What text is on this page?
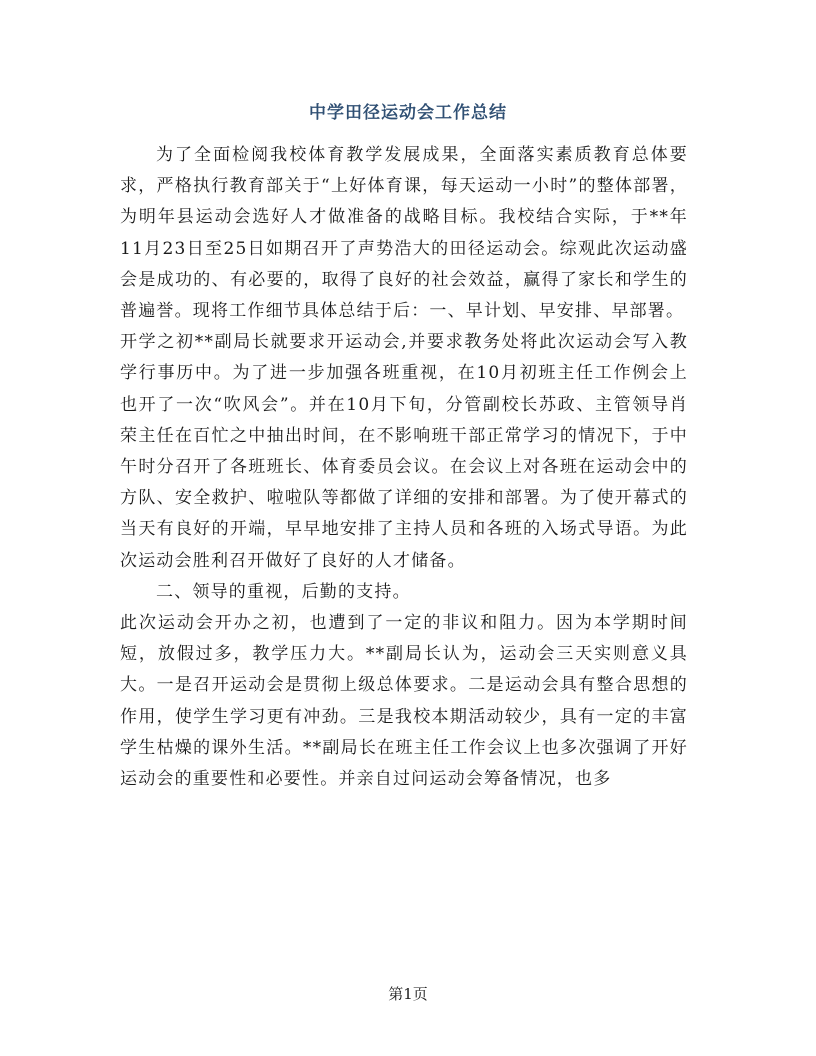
中学田径运动会工作总结

为了全面检阅我校体育教学发展成果，全面落实素质教育总体要求，严格执行教育部关于“上好体育课，每天运动一小时”的整体部署，为明年县运动会选好人才做准备的战略目标。我校结合实际，于**年11月23日至25日如期召开了声势浩大的田径运动会。综观此次运动盛会是成功的、有必要的，取得了良好的社会效益，赢得了家长和学生的普遍誉。现将工作细节具体总结于后：一、早计划、早安排、早部署。

开学之初**副局长就要求开运动会,并要求教务处将此次运动会写入教学行事历中。为了进一步加强各班重视，在10月初班主任工作例会上也开了一次“吹风会”。并在10月下旬，分管副校长苏政、主管领导肖荣主任在百忙之中抽出时间，在不影响班干部正常学习的情况下，于中午时分召开了各班班长、体育委员会议。在会议上对各班在运动会中的方队、安全救护、啦啦队等都做了详细的安排和部署。为了使开幕式的当天有良好的开端，早早地安排了主持人员和各班的入场式导语。为此次运动会胜利召开做好了良好的人才储备。

二、领导的重视，后勤的支持。

此次运动会开办之初，也遭到了一定的非议和阻力。因为本学期时间短，放假过多，教学压力大。**副局长认为，运动会三天实则意义具大。一是召开运动会是贯彻上级总体要求。二是运动会具有整合思想的作用，使学生学习更有冲劲。三是我校本期活动较少，具有一定的丰富学生枯燥的课外生活。**副局长在班主任工作会议上也多次强调了开好运动会的重要性和必要性。并亲自过问运动会筹备情况，也多

第1页
